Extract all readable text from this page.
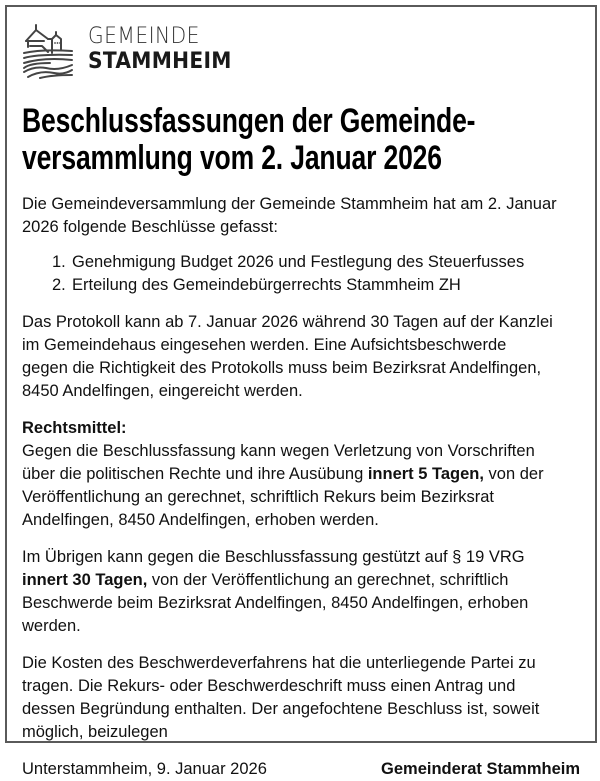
GEMEINDE
STAMMHEIM
Beschlussfassungen der Gemeinde-
versammlung vom 2. Januar 2026

Die Gemeindeversammlung der Gemeinde Stammheim hat am 2. Januar
2026 folgende Beschlüsse gefasst:

1. Genehmigung Budget 2026 und Festlegung des Steuerfusses
2. Erteilung des Gemeindebürgerrechts Stammheim ZH

Das Protokoll kann ab 7. Januar 2026 während 30 Tagen auf der Kanzlei
im Gemeindehaus eingesehen werden. Eine Aufsichtsbeschwerde
gegen die Richtigkeit des Protokolls muss beim Bezirksrat Andelfingen,
8450 Andelfingen, eingereicht werden.

Rechtsmittel:
Gegen die Beschlussfassung kann wegen Verletzung von Vorschriften
über die politischen Rechte und ihre Ausübung innert 5 Tagen, von der
Veröffentlichung an gerechnet, schriftlich Rekurs beim Bezirksrat
Andelfingen, 8450 Andelfingen, erhoben werden.

Im Übrigen kann gegen die Beschlussfassung gestützt auf § 19 VRG
innert 30 Tagen, von der Veröffentlichung an gerechnet, schriftlich
Beschwerde beim Bezirksrat Andelfingen, 8450 Andelfingen, erhoben
werden.

Die Kosten des Beschwerdeverfahrens hat die unterliegende Partei zu
tragen. Die Rekurs- oder Beschwerdeschrift muss einen Antrag und
dessen Begründung enthalten. Der angefochtene Beschluss ist, soweit
möglich, beizulegen

Unterstammheim, 9. Januar 2026	Gemeinderat Stammheim
